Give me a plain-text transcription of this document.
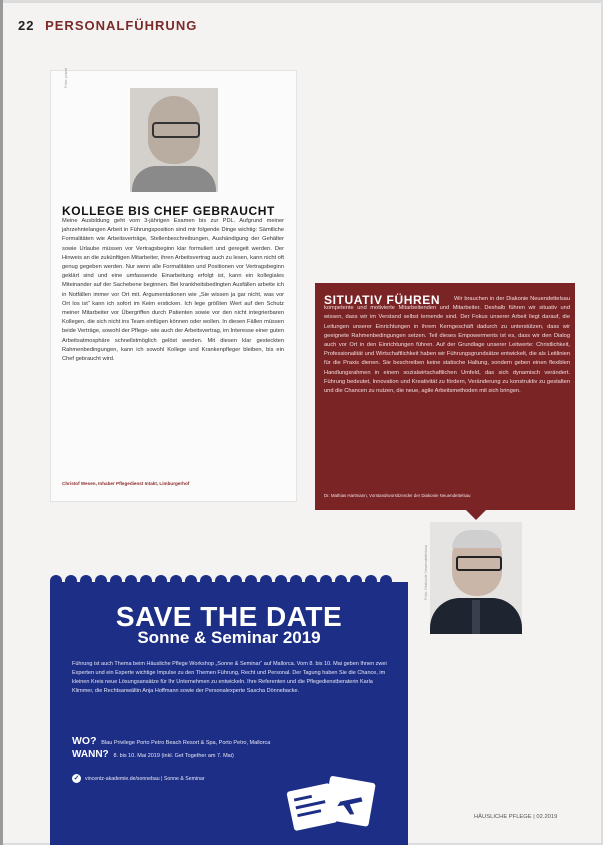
22 PERSONALFÜHRUNG
Foto: privat
KOLLEGE BIS CHEF GEBRAUCHT
Meine Ausbildung geht vom 3-jährigen Examen bis zur PDL. Aufgrund meiner jahrzehntelangen Arbeit in Führungsposition sind mir folgende Dinge wichtig: Sämtliche Formalitäten wie Arbeitsverträge, Stellenbeschreibungen, Aushändigung der Gehälter sowie Urlaube müssen vor Vertragsbeginn klar formuliert und geregelt werden. Der Hinweis an die zukünftigen Mitarbeiter, ihren Arbeitsvertrag auch zu lesen, kann nicht oft genug gegeben werden. Nur wenn alle Formalitäten und Positionen vor Vertragsbeginn geklärt sind und eine umfassende Einarbeitung erfolgt ist, kann ein kollegiales Miteinander auf der Sachebene beginnen. Bei krankheitsbedingten Ausfällen arbeite ich in Notfällen immer vor Ort mit. Argumentationen wie „Sie wissen ja gar nicht, was vor Ort los ist“ kann ich sofort im Keim ersticken. Ich lege größten Wert auf den Schutz meiner Mitarbeiter vor Übergriffen durch Patienten sowie vor den nicht integrierbaren Kollegen, die sich nicht ins Team einfügen können oder wollen. In diesen Fällen müssen beide Verträge, sowohl der Pflege- wie auch der Arbeitsvertrag, im Interesse einer guten Arbeitsatmosphäre schnellstmöglich gelöst werden. Mit diesen klar gesteckten Rahmenbedingungen, kann ich sowohl Kollege und Krankenpfleger bleiben, bis ein Chef gebraucht wird.
Christof Wesen, Inhaber Pflegedienst Intakt, Limburgerhof
SITUATIV FÜHREN	Wir brauchen in der Diakonie Neuendettelsau kompetente und motivierte Mitarbeitenden und Mitarbeiter. Deshalb führen wir situativ und wissen, dass wir im Verstand selbst lernende sind. Der Fokus unserer Arbeit liegt darauf, die Leitungen unserer Einrichtungen in ihrem Kerngeschäft dadurch zu unterstützen, dass wir geeignete Rahmenbedingungen setzen. Teil dieses Empowerments ist es, dass wir den Dialog auch vor Ort in den Einrichtungen führen. Auf der Grundlage unserer Leitwerte: Christlichkeit, Professionalität und Wirtschaftlichkeit haben wir Führungsgrundsätze entwickelt, die als Leitlinien für die Praxis dienen. Sie beschreiben keine statische Haltung, sondern geben einen flexiblen Handlungsrahmen in einem sozialwirtschaftlichen Umfeld, das sich dynamisch verändert. Führung bedeutet, Innovation und Kreativität zu fördern, Veränderung zu konstruktiv zu gestalten und die Chancen zu nutzen, die neue, agile Arbeitsmethoden mit sich bringen.
Dr. Mathias Hartmann, Vorstandsvorsitzender der Diakonie Neuendettelsau
Foto: Diakonie Neuendettelsau
SAVE THE DATE
Sonne & Seminar 2019
Führung ist auch Thema beim Häusliche Pflege Workshop „Sonne & Seminar“ auf Mallorca. Vom 8. bis 10. Mai geben Ihnen zwei Experten und ein Experte wichtige Impulse zu den Themen Führung, Recht und Personal. Der Tagung haben Sie die Chance, im kleinen Kreis neue Lösungsansätze für Ihr Unternehmen zu entwickeln. Ihre Referenten und die Pflegedienstberaterin Karla Klimmer, die Rechtsanwältin Anja Hoffmann sowie der Personalexperte Sascha Dönnebacke.
WO? Blau Privilege Porto Petro Beach Resort & Spa, Porto Petro, Mallorca
WANN? 8. bis 10. Mai 2019 (inkl. Get Together am 7. Mai)
✓ vincentz-akademie.de/sonnebau | Sonne & Seminar
HÄUSLICHE PFLEGE | 02.2019
